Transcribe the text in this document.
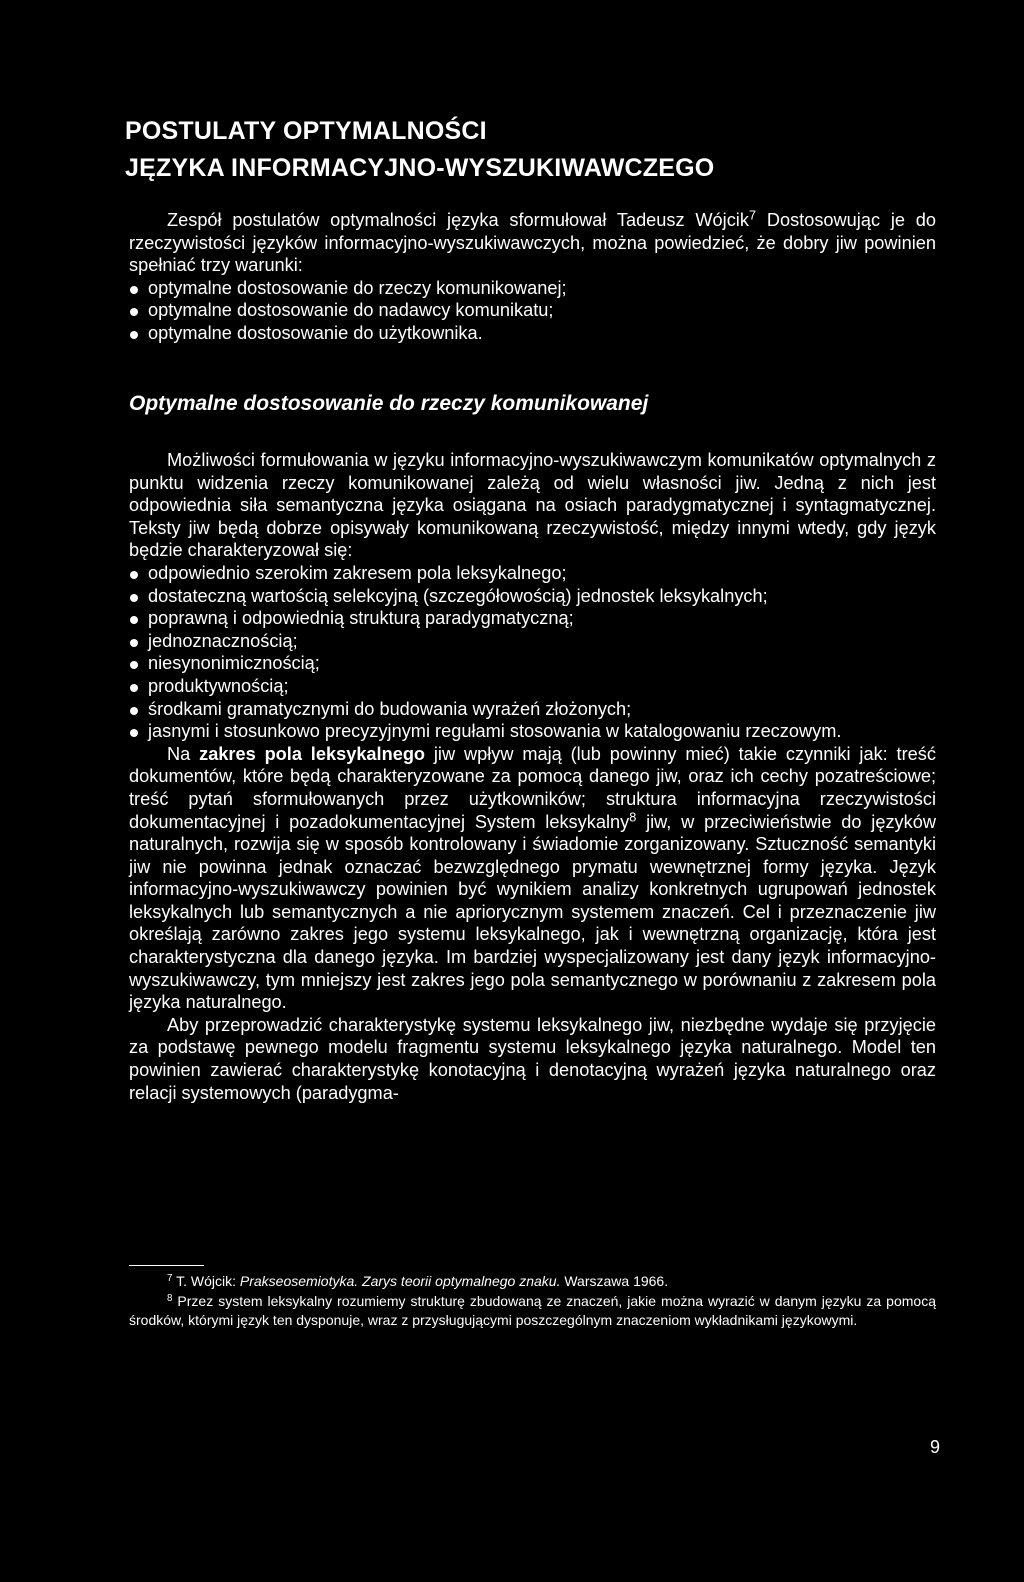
POSTULATY OPTYMALNOŚCI
JĘZYKA INFORMACYJNO-WYSZUKIWAWCZEGO

Zespół postulatów optymalności języka sformułował Tadeusz Wójcik$^7$ Dostosowując je do rzeczywistości języków informacyjno-wyszukiwawczych, można powiedzieć, że dobry jiw powinien spełniać trzy warunki:

optymalne dostosowanie do rzeczy komunikowanej;
optymalne dostosowanie do nadawcy komunikatu;
optymalne dostosowanie do użytkownika.
Optymalne dostosowanie do rzeczy komunikowanej

Możliwości formułowania w języku informacyjno-wyszukiwawczym komunikatów optymalnych z punktu widzenia rzeczy komunikowanej zależą od wielu własności jiw. Jedną z nich jest odpowiednia siła semantyczna języka osiągana na osiach paradygmatycznej i syntagmatycznej. Teksty jiw będą dobrze opisywały komunikowaną rzeczywistość, między innymi wtedy, gdy język będzie charakteryzował się:

odpowiednio szerokim zakresem pola leksykalnego;
dostateczną wartością selekcyjną (szczegółowością) jednostek leksykalnych;
poprawną i odpowiednią strukturą paradygmatyczną;
jednoznacznością;
niesynonimicznością;
produktywnością;
środkami gramatycznymi do budowania wyrażeń złożonych;
jasnymi i stosunkowo precyzyjnymi regułami stosowania w katalogowaniu rzeczowym.

Na zakres pola leksykalnego jiw wpływ mają (lub powinny mieć) takie czynniki jak: treść dokumentów, które będą charakteryzowane za pomocą danego jiw, oraz ich cechy pozatreściowe; treść pytań sformułowanych przez użytkowników; struktura informacyjna rzeczywistości dokumentacyjnej i pozadokumentacyjnej System leksykalny$^8$ jiw, w przeciwieństwie do języków naturalnych, rozwija się w sposób kontrolowany i świadomie zorganizowany. Sztuczność semantyki jiw nie powinna jednak oznaczać bezwzględnego prymatu wewnętrznej formy języka. Język informacyjno-wyszukiwawczy powinien być wynikiem analizy konkretnych ugrupowań jednostek leksykalnych lub semantycznych a nie apriorycznym systemem znaczeń. Cel i przeznaczenie jiw określają zarówno zakres jego systemu leksykalnego, jak i wewnętrzną organizację, która jest charakterystyczna dla danego języka. Im bardziej wyspecjalizowany jest dany język informacyjno-wyszukiwawczy, tym mniejszy jest zakres jego pola semantycznego w porównaniu z zakresem pola języka naturalnego.

Aby przeprowadzić charakterystykę systemu leksykalnego jiw, niezbędne wydaje się przyjęcie za podstawę pewnego modelu fragmentu systemu leksykalnego języka naturalnego. Model ten powinien zawierać charakterystykę konotacyjną i denotacyjną wyrażeń języka naturalnego oraz relacji systemowych (paradygma-

$^7$ T. Wójcik: Prakseosemiotyka. Zarys teorii optymalnego znaku. Warszawa 1966.

$^8$ Przez system leksykalny rozumiemy strukturę zbudowaną ze znaczeń, jakie można wyrazić w danym języku za pomocą środków, którymi język ten dysponuje, wraz z przysługującymi poszczególnym znaczeniom wykładnikami językowymi.

9
